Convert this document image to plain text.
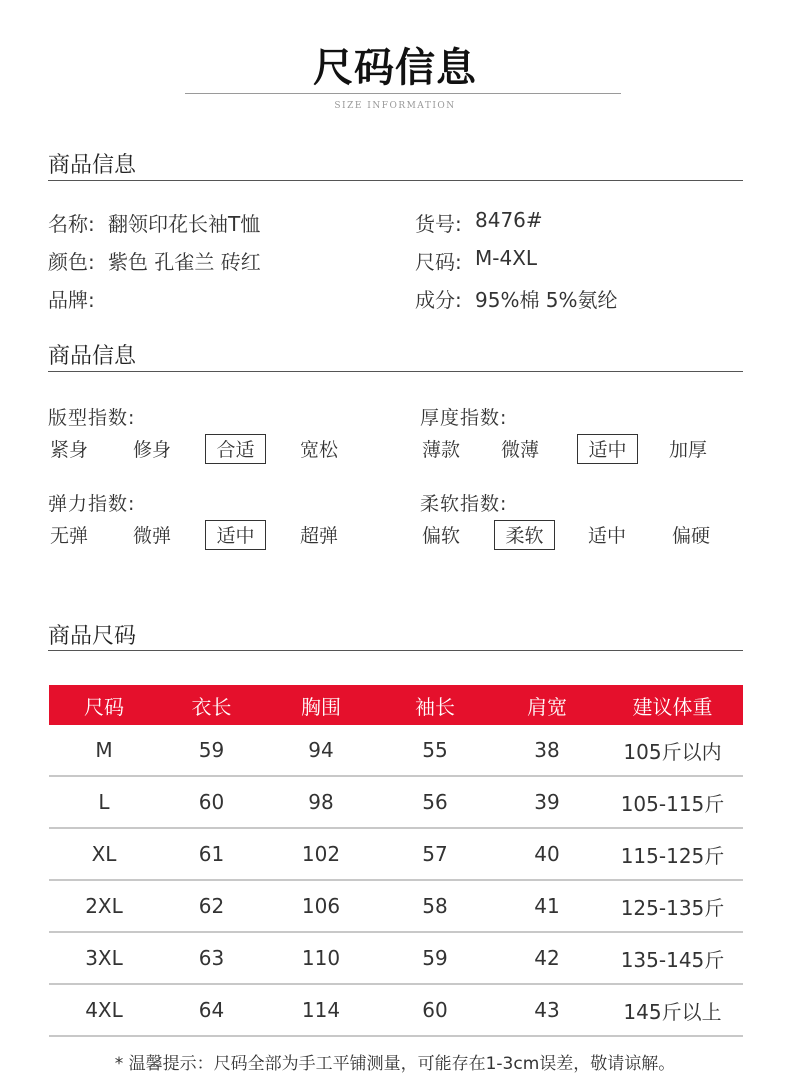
尺码信息
SIZE INFORMATION
商品信息
名称: 翻领印花长袖T恤
颜色: 紫色 孔雀兰 砖红
品牌:
货号: 8476#
尺码: M-4XL
成分: 95%棉 5%氨纶
商品信息
版型指数:
紧身 修身	合适	宽松
厚度指数:
薄款 微薄	适中	加厚
弹力指数:
无弹 微弹	适中	超弹
柔软指数:
偏软	柔软	适中 偏硬
商品尺码
尺码	衣长	胸围	袖长	肩宽	建议体重
M	59	94	55	38	105斤以内
L	60	98	56	39	105-115斤
XL	61	102	57	40	115-125斤
2XL	62	106	58	41	125-135斤
3XL	63	110	59	42	135-145斤
4XL	64	114	60	43	145斤以上
* 温馨提示：尺码全部为手工平铺测量，可能存在1-3cm误差，敬请谅解。
